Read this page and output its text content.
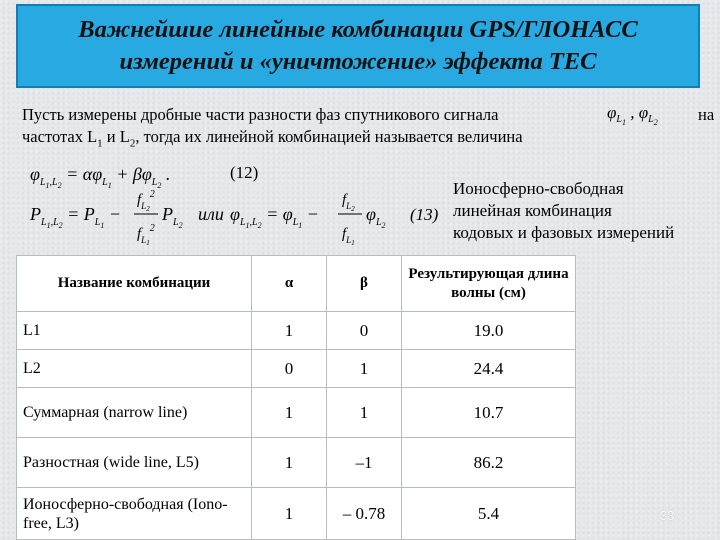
Важнейшие линейные комбинации GPS/ГЛОНАСС
измерений и «уничтожение» эффекта ТЕС
Пусть измерены дробные части разности фаз спутникового сигнала	$\varphi_{L_1}$ , $\varphi_{L_2}$ на
частотах $L_1$ и $L_2$, тогда их линейной комбинацией называется величина
$\varphi_L1,L2 = \alpha\varphi_L1 + \beta\varphi_L2$ .	(12)
$P_L1,L2 = P_L1$ −
$f_L2^2$
$f_L1^2$
$P_L2$
или $\varphi_L1,L2 = \varphi_L1$ −
$f_L2$
$f_L1$
$\varphi_L2$
(13)
Ионосферно-свободная
линейная комбинация
кодовых и фазовых измерений
Название комбинации	α	β	Результирующая длина волны (см)
L1	1	0	19.0
L2	0	1	24.4
Суммарная (narrow line)	1	1	10.7
Разностная (wide line, L5)	1	–1	86.2
Ионосферно-свободная (Iono-free, L3)	1	– 0.78	5.4	33
